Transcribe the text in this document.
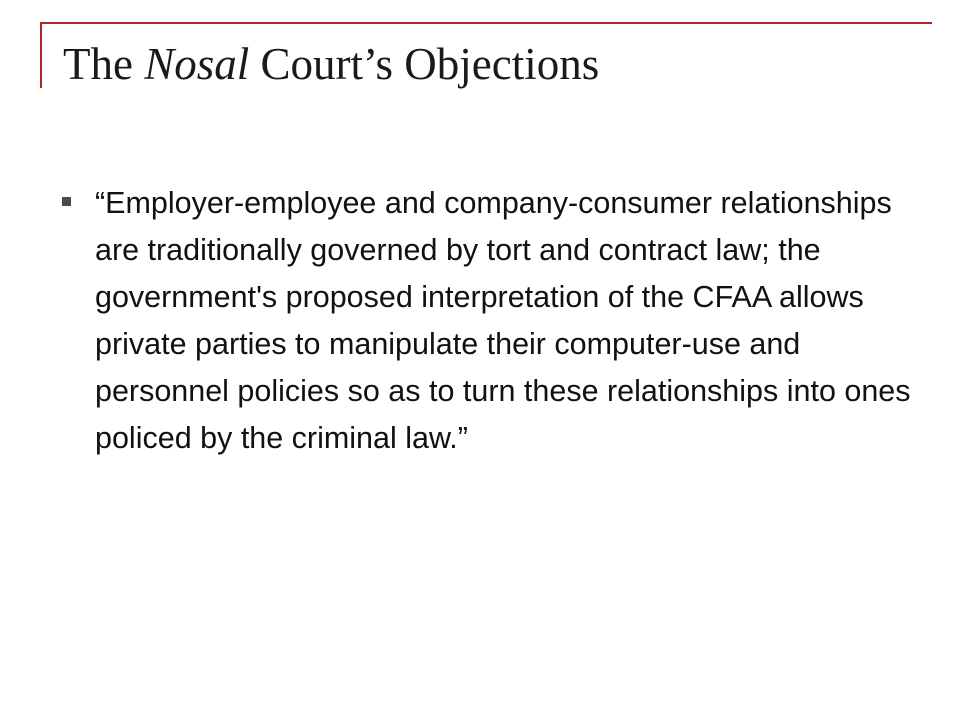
The Nosal Court’s Objections

“Employer-employee and company-consumer relationships are traditionally governed by tort and contract law; the government's proposed interpretation of the CFAA allows private parties to manipulate their computer-use and personnel policies so as to turn these relationships into ones policed by the criminal law.”
